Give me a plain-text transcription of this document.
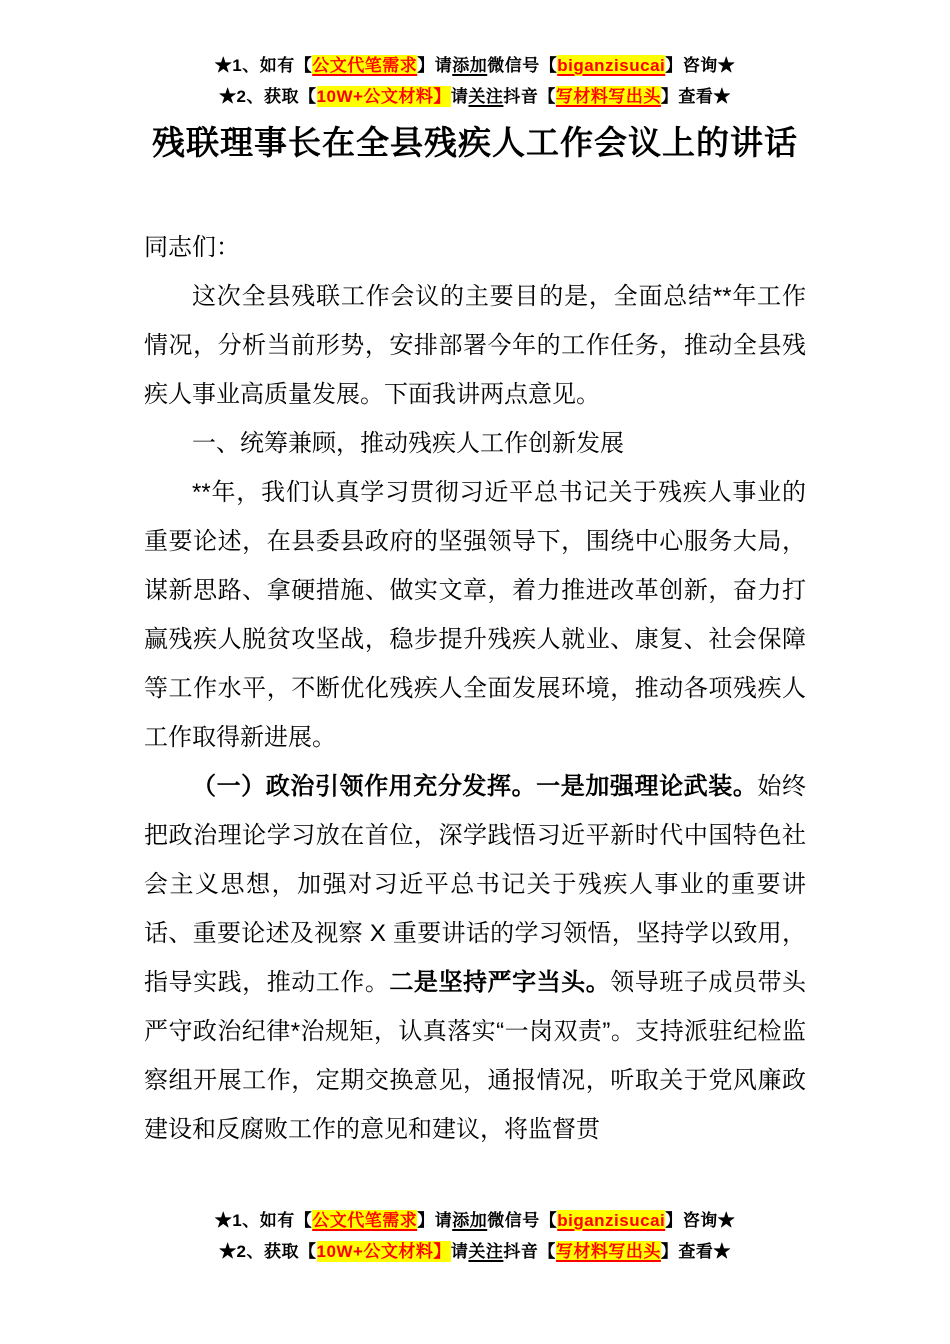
★1、如有【公文代笔需求】请添加微信号【biganzisucai】咨询★
★2、获取【10W+公文材料】请关注抖音【写材料写出头】查看★
残联理事长在全县残疾人工作会议上的讲话

同志们：

这次全县残联工作会议的主要目的是，全面总结**年工作情况，分析当前形势，安排部署今年的工作任务，推动全县残疾人事业高质量发展。下面我讲两点意见。

一、统筹兼顾，推动残疾人工作创新发展

**年，我们认真学习贯彻习近平总书记关于残疾人事业的重要论述，在县委县政府的坚强领导下，围绕中心服务大局，谋新思路、拿硬措施、做实文章，着力推进改革创新，奋力打赢残疾人脱贫攻坚战，稳步提升残疾人就业、康复、社会保障等工作水平，不断优化残疾人全面发展环境，推动各项残疾人工作取得新进展。

（一）政治引领作用充分发挥。一是加强理论武装。始终把政治理论学习放在首位，深学践悟习近平新时代中国特色社会主义思想，加强对习近平总书记关于残疾人事业的重要讲话、重要论述及视察 X 重要讲话的学习领悟，坚持学以致用，指导实践，推动工作。二是坚持严字当头。领导班子成员带头严守政治纪律*治规矩，认真落实“一岗双责”。支持派驻纪检监察组开展工作，定期交换意见，通报情况，听取关于党风廉政建设和反腐败工作的意见和建议，将监督贯

★1、如有【公文代笔需求】请添加微信号【biganzisucai】咨询★
★2、获取【10W+公文材料】请关注抖音【写材料写出头】查看★
